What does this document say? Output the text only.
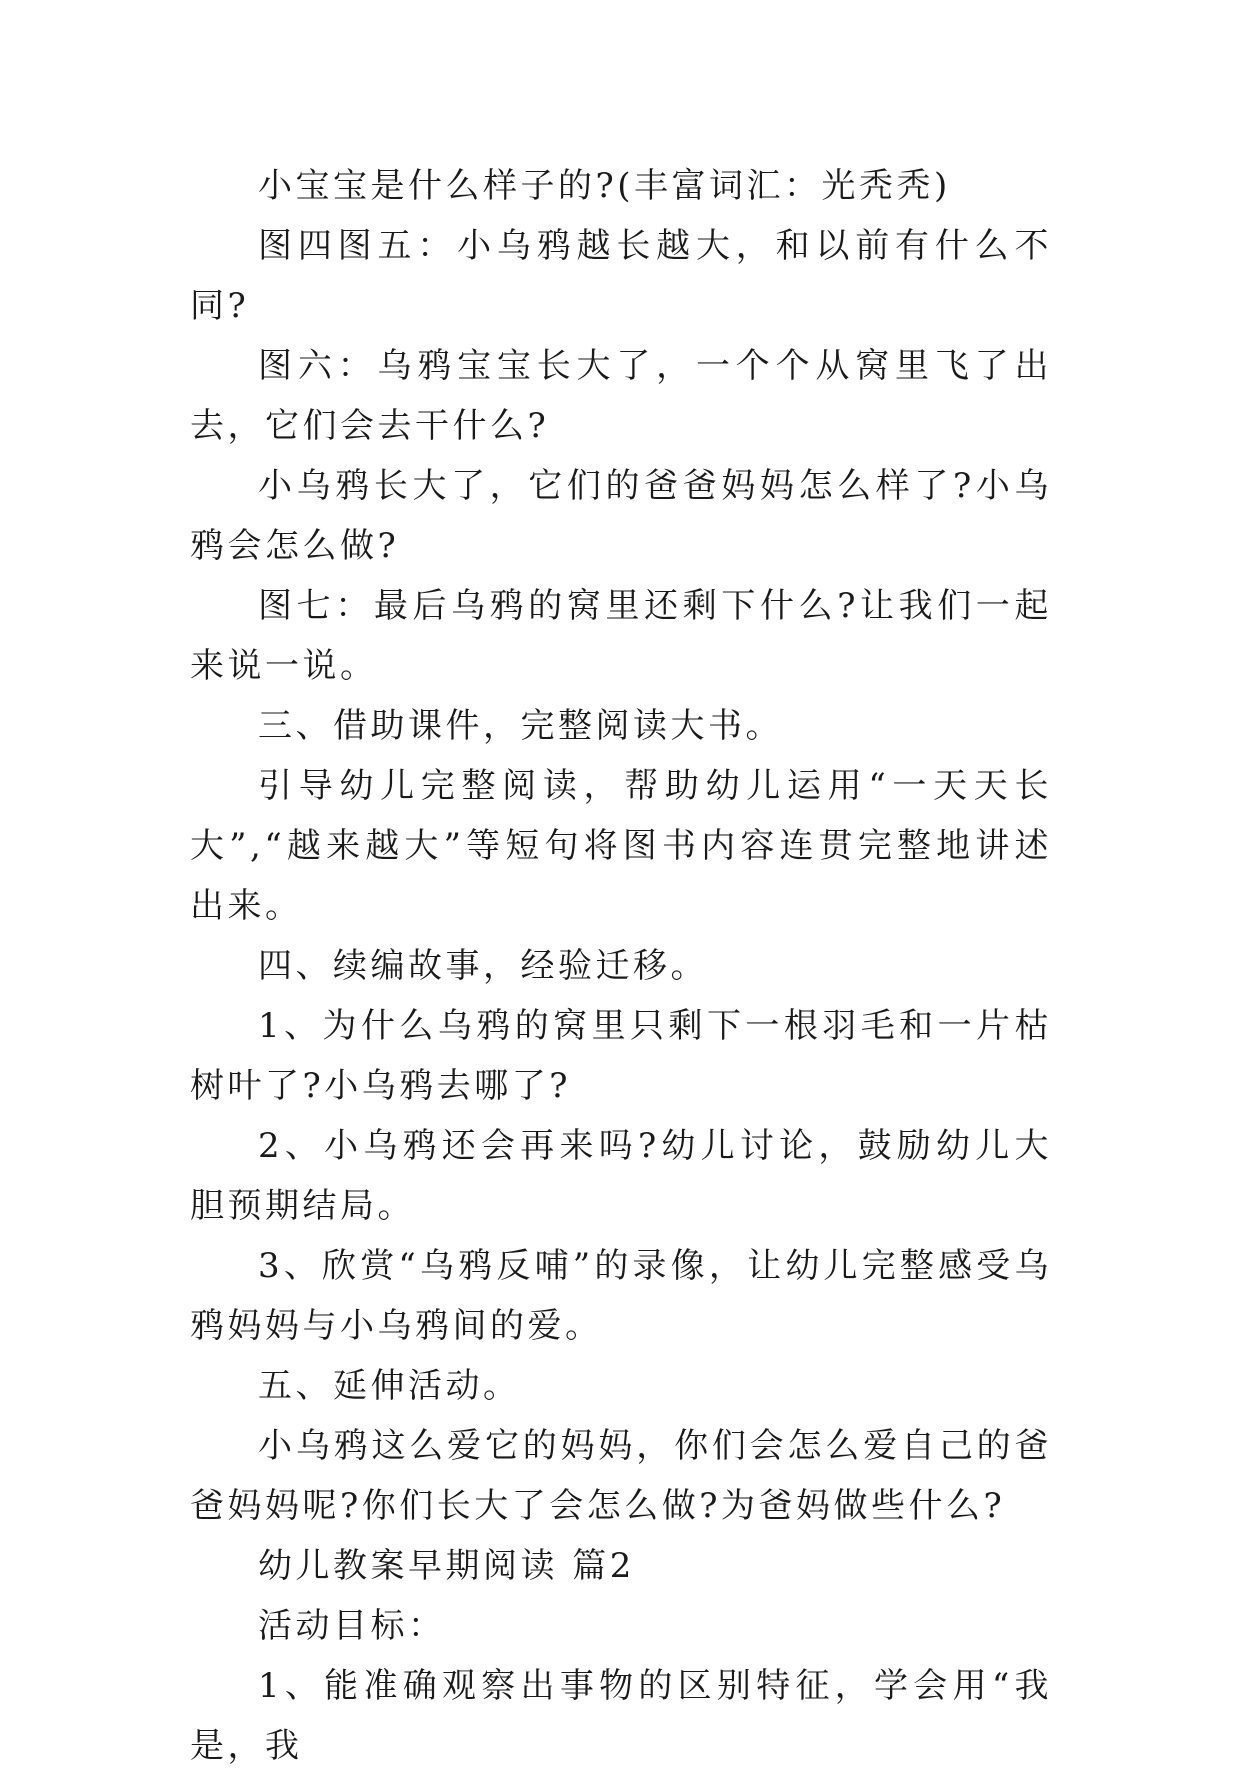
小宝宝是什么样子的?(丰富词汇：光秃秃)

图四图五：小乌鸦越长越大，和以前有什么不同?

图六：乌鸦宝宝长大了，一个个从窝里飞了出去，它们会去干什么?

小乌鸦长大了，它们的爸爸妈妈怎么样了?小乌鸦会怎么做?

图七：最后乌鸦的窝里还剩下什么?让我们一起来说一说。

三、借助课件，完整阅读大书。

引导幼儿完整阅读，帮助幼儿运用“一天天长大”,“越来越大”等短句将图书内容连贯完整地讲述出来。

四、续编故事，经验迁移。

1、为什么乌鸦的窝里只剩下一根羽毛和一片枯树叶了?小乌鸦去哪了?

2、小乌鸦还会再来吗?幼儿讨论，鼓励幼儿大胆预期结局。

3、欣赏“乌鸦反哺”的录像，让幼儿完整感受乌鸦妈妈与小乌鸦间的爱。

五、延伸活动。

小乌鸦这么爱它的妈妈，你们会怎么爱自己的爸爸妈妈呢?你们长大了会怎么做?为爸妈做些什么?

幼儿教案早期阅读 篇2

活动目标：

1、能准确观察出事物的区别特征，学会用“我是，我
